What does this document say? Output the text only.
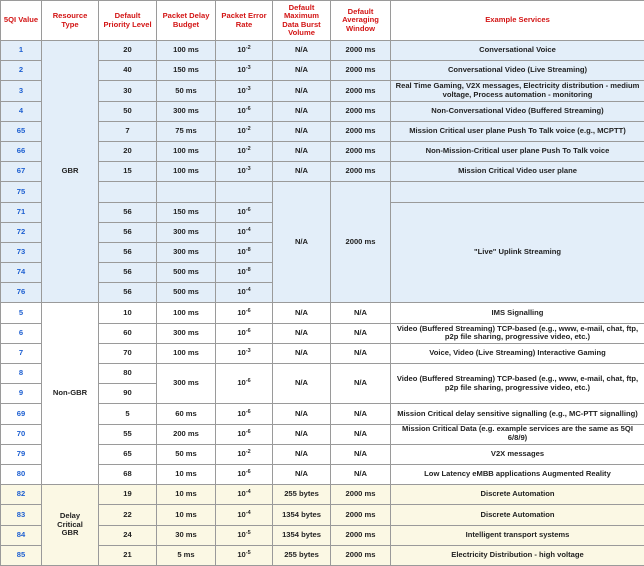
5QI Value	Resource Type	Default Priority Level	Packet Delay Budget	Packet Error Rate	Default Maximum Data Burst Volume	Default Averaging Window	Example Services
1	GBR	20	100 ms	$10^{-2}$	N/A	2000 ms	Conversational Voice
2		40	150 ms	$10^{-3}$	N/A	2000 ms	Conversational Video (Live Streaming)
3		30	50 ms	$10^{-3}$	N/A	2000 ms	Real Time Gaming, V2X messages, Electricity distribution - medium voltage, Process automation - monitoring
4		50	300 ms	$10^{-6}$	N/A	2000 ms	Non-Conversational Video (Buffered Streaming)
65		7	75 ms	$10^{-2}$	N/A	2000 ms	Mission Critical user plane Push To Talk voice (e.g., MCPTT)
66		20	100 ms	$10^{-2}$	N/A	2000 ms	Non-Mission-Critical user plane Push To Talk voice
67		15	100 ms	$10^{-3}$	N/A	2000 ms	Mission Critical Video user plane
75					N/A	2000 ms	
71		56	150 ms	$10^{-6}$			"Live" Uplink Streaming
72		56	300 ms	$10^{-4}$
73		56	300 ms	$10^{-8}$
74		56	500 ms	$10^{-8}$
76		56	500 ms	$10^{-4}$
5	Non-GBR	10	100 ms	$10^{-6}$	N/A	N/A	IMS Signalling
6		60	300 ms	$10^{-6}$	N/A	N/A	Video (Buffered Streaming) TCP-based (e.g., www, e-mail, chat, ftp, p2p file sharing, progressive video, etc.)
7		70	100 ms	$10^{-3}$	N/A	N/A	Voice, Video (Live Streaming) Interactive Gaming
8		80	300 ms	$10^{-6}$	N/A	N/A	Video (Buffered Streaming) TCP-based (e.g., www, e-mail, chat, ftp, p2p file sharing, progressive video, etc.)
9		90					
69		5	60 ms	$10^{-6}$	N/A	N/A	Mission Critical delay sensitive signalling (e.g., MC-PTT signalling)
70		55	200 ms	$10^{-6}$	N/A	N/A	Mission Critical Data (e.g. example services are the same as 5QI 6/8/9)
79		65	50 ms	$10^{-2}$	N/A	N/A	V2X messages
80		68	10 ms	$10^{-6}$	N/A	N/A	Low Latency eMBB applications Augmented Reality
82	Delay Critical GBR	19	10 ms	$10^{-4}$	255 bytes	2000 ms	Discrete Automation
83		22	10 ms	$10^{-4}$	1354 bytes	2000 ms	Discrete Automation
84		24	30 ms	$10^{-5}$	1354 bytes	2000 ms	Intelligent transport systems
85		21	5 ms	$10^{-5}$	255 bytes	2000 ms	Electricity Distribution - high voltage
